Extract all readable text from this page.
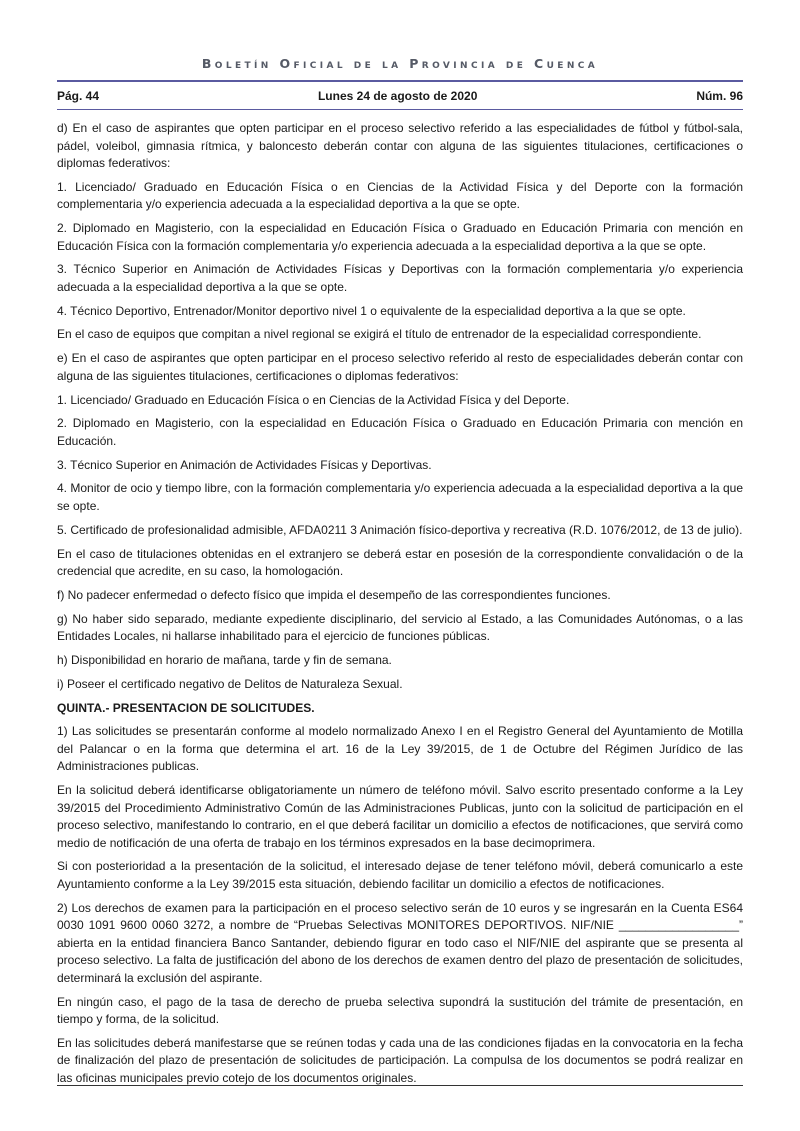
Boletín Oficial de la Provincia de Cuenca
Pág. 44	Lunes 24 de agosto de 2020	Núm. 96

d) En el caso de aspirantes que opten participar en el proceso selectivo referido a las especialidades de fútbol y fútbol-sala, pádel, voleibol, gimnasia rítmica, y baloncesto deberán contar con alguna de las siguientes titulaciones, certificaciones o diplomas federativos:

1. Licenciado/ Graduado en Educación Física o en Ciencias de la Actividad Física y del Deporte con la formación complementaria y/o experiencia adecuada a la especialidad deportiva a la que se opte.

2. Diplomado en Magisterio, con la especialidad en Educación Física o Graduado en Educación Primaria con mención en Educación Física con la formación complementaria y/o experiencia adecuada a la especialidad deportiva a la que se opte.

3. Técnico Superior en Animación de Actividades Físicas y Deportivas con la formación complementaria y/o experiencia adecuada a la especialidad deportiva a la que se opte.

4. Técnico Deportivo, Entrenador/Monitor deportivo nivel 1 o equivalente de la especialidad deportiva a la que se opte.

En el caso de equipos que compitan a nivel regional se exigirá el título de entrenador de la especialidad correspondiente.

e) En el caso de aspirantes que opten participar en el proceso selectivo referido al resto de especialidades deberán contar con alguna de las siguientes titulaciones, certificaciones o diplomas federativos:

1. Licenciado/ Graduado en Educación Física o en Ciencias de la Actividad Física y del Deporte.

2. Diplomado en Magisterio, con la especialidad en Educación Física o Graduado en Educación Primaria con mención en Educación.

3. Técnico Superior en Animación de Actividades Físicas y Deportivas.

4. Monitor de ocio y tiempo libre, con la formación complementaria y/o experiencia adecuada a la especialidad deportiva a la que se opte.

5. Certificado de profesionalidad admisible, AFDA0211 3 Animación físico-deportiva y recreativa (R.D. 1076/2012, de 13 de julio).

En el caso de titulaciones obtenidas en el extranjero se deberá estar en posesión de la correspondiente convalidación o de la credencial que acredite, en su caso, la homologación.

f) No padecer enfermedad o defecto físico que impida el desempeño de las correspondientes funciones.

g) No haber sido separado, mediante expediente disciplinario, del servicio al Estado, a las Comunidades Autónomas, o a las Entidades Locales, ni hallarse inhabilitado para el ejercicio de funciones públicas.

h) Disponibilidad en horario de mañana, tarde y fin de semana.

i) Poseer el certificado negativo de Delitos de Naturaleza Sexual.

QUINTA.- PRESENTACION DE SOLICITUDES.

1) Las solicitudes se presentarán conforme al modelo normalizado Anexo I en el Registro General del Ayuntamiento de Motilla del Palancar o en la forma que determina el art. 16 de la Ley 39/2015, de 1 de Octubre del Régimen Jurídico de las Administraciones publicas.

En la solicitud deberá identificarse obligatoriamente un número de teléfono móvil. Salvo escrito presentado conforme a la Ley 39/2015 del Procedimiento Administrativo Común de las Administraciones Publicas, junto con la solicitud de participación en el proceso selectivo, manifestando lo contrario, en el que deberá facilitar un domicilio a efectos de notificaciones, que servirá como medio de notificación de una oferta de trabajo en los términos expresados en la base decimoprimera.

Si con posterioridad a la presentación de la solicitud, el interesado dejase de tener teléfono móvil, deberá comunicarlo a este Ayuntamiento conforme a la Ley 39/2015 esta situación, debiendo facilitar un domicilio a efectos de notificaciones.

2) Los derechos de examen para la participación en el proceso selectivo serán de 10 euros y se ingresarán en la Cuenta ES64 0030 1091 9600 0060 3272, a nombre de “Pruebas Selectivas MONITORES DEPORTIVOS. NIF/NIE __________________” abierta en la entidad financiera Banco Santander, debiendo figurar en todo caso el NIF/NIE del aspirante que se presenta al proceso selectivo. La falta de justificación del abono de los derechos de examen dentro del plazo de presentación de solicitudes, determinará la exclusión del aspirante.

En ningún caso, el pago de la tasa de derecho de prueba selectiva supondrá la sustitución del trámite de presentación, en tiempo y forma, de la solicitud.

En las solicitudes deberá manifestarse que se reúnen todas y cada una de las condiciones fijadas en la convocatoria en la fecha de finalización del plazo de presentación de solicitudes de participación. La compulsa de los documentos se podrá realizar en las oficinas municipales previo cotejo de los documentos originales.
